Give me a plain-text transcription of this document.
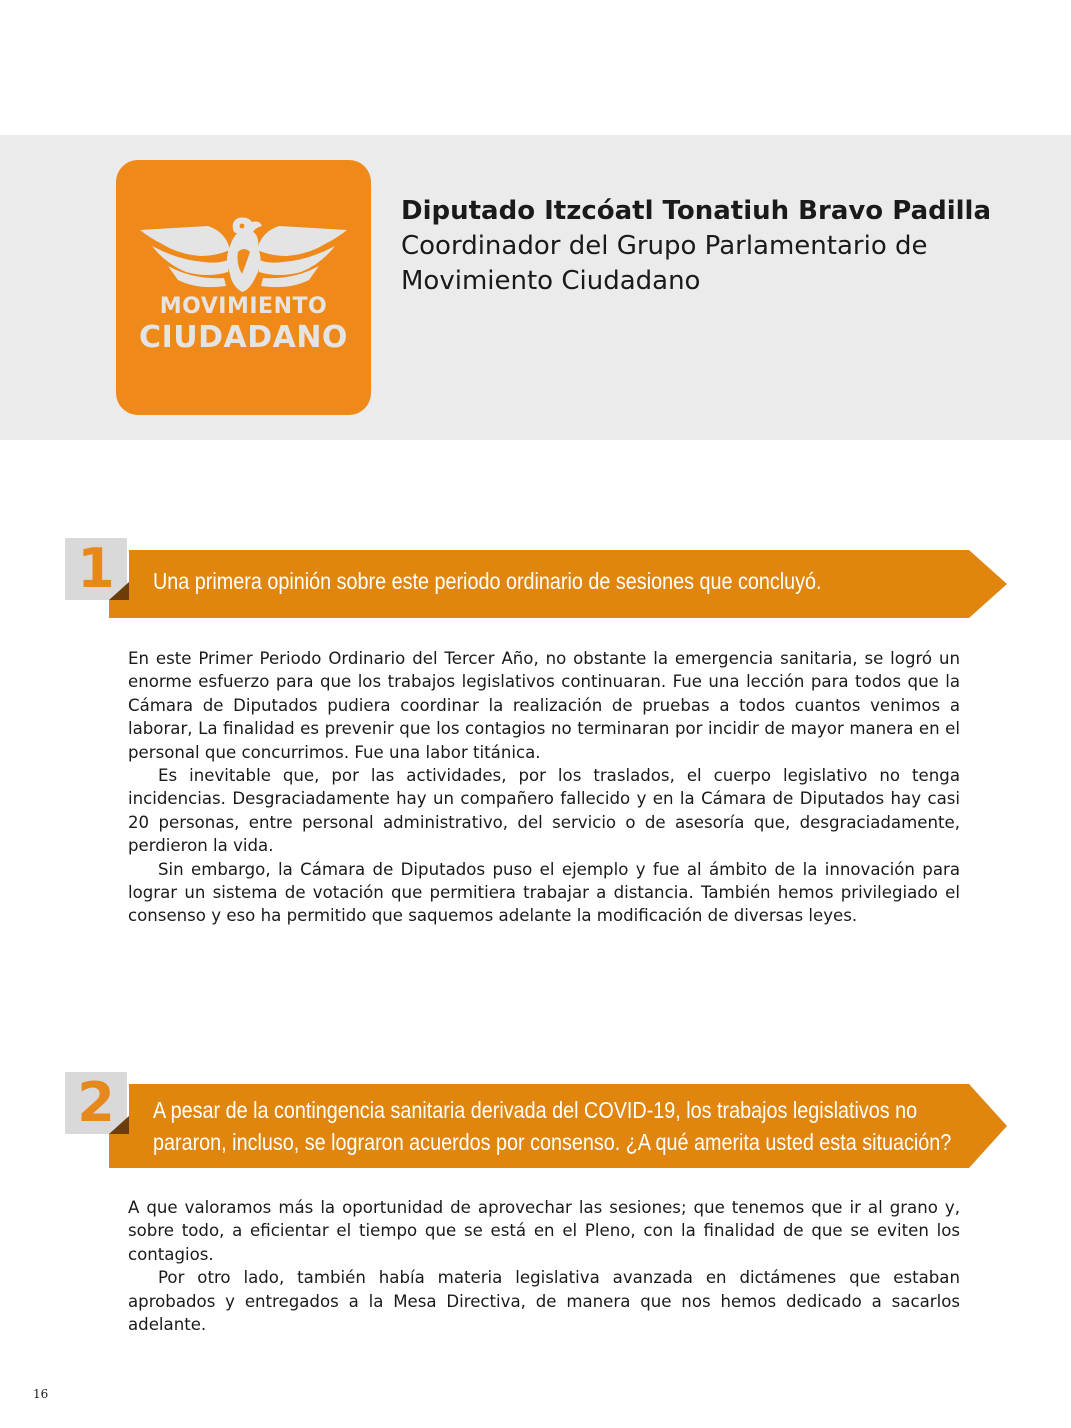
MOVIMIENTO
CIUDADANO
Diputado Itzcóatl Tonatiuh Bravo Padilla
Coordinador del Grupo Parlamentario de
Movimiento Ciudadano
1	Una primera opinión sobre este periodo ordinario de sesiones que concluyó.

En este Primer Periodo Ordinario del Tercer Año, no obstante la emergencia sanitaria, se logró un enorme esfuerzo para que los trabajos legislativos continuaran. Fue una lección para todos que la Cámara de Diputados pudiera coordinar la realización de pruebas a todos cuantos venimos a laborar, La finalidad es prevenir que los contagios no terminaran por incidir de mayor manera en el personal que concurrimos. Fue una labor titánica.

Es inevitable que, por las actividades, por los traslados, el cuerpo legislativo no tenga incidencias. Desgraciadamente hay un compañero fallecido y en la Cámara de Diputados hay casi 20 personas, entre personal administrativo, del servicio o de asesoría que, desgraciadamente, perdieron la vida.

Sin embargo, la Cámara de Diputados puso el ejemplo y fue al ámbito de la innovación para lograr un sistema de votación que permitiera trabajar a distancia. También hemos privilegiado el consenso y eso ha permitido que saquemos adelante la modificación de diversas leyes.

2	A pesar de la contingencia sanitaria derivada del COVID-19, los trabajos legislativos no
pararon, incluso, se lograron acuerdos por consenso. ¿A qué amerita usted esta situación?

A que valoramos más la oportunidad de aprovechar las sesiones; que tenemos que ir al grano y, sobre todo, a eficientar el tiempo que se está en el Pleno, con la finalidad de que se eviten los contagios.

Por otro lado, también había materia legislativa avanzada en dictámenes que estaban aprobados y entregados a la Mesa Directiva, de manera que nos hemos dedicado a sacarlos adelante.

16
